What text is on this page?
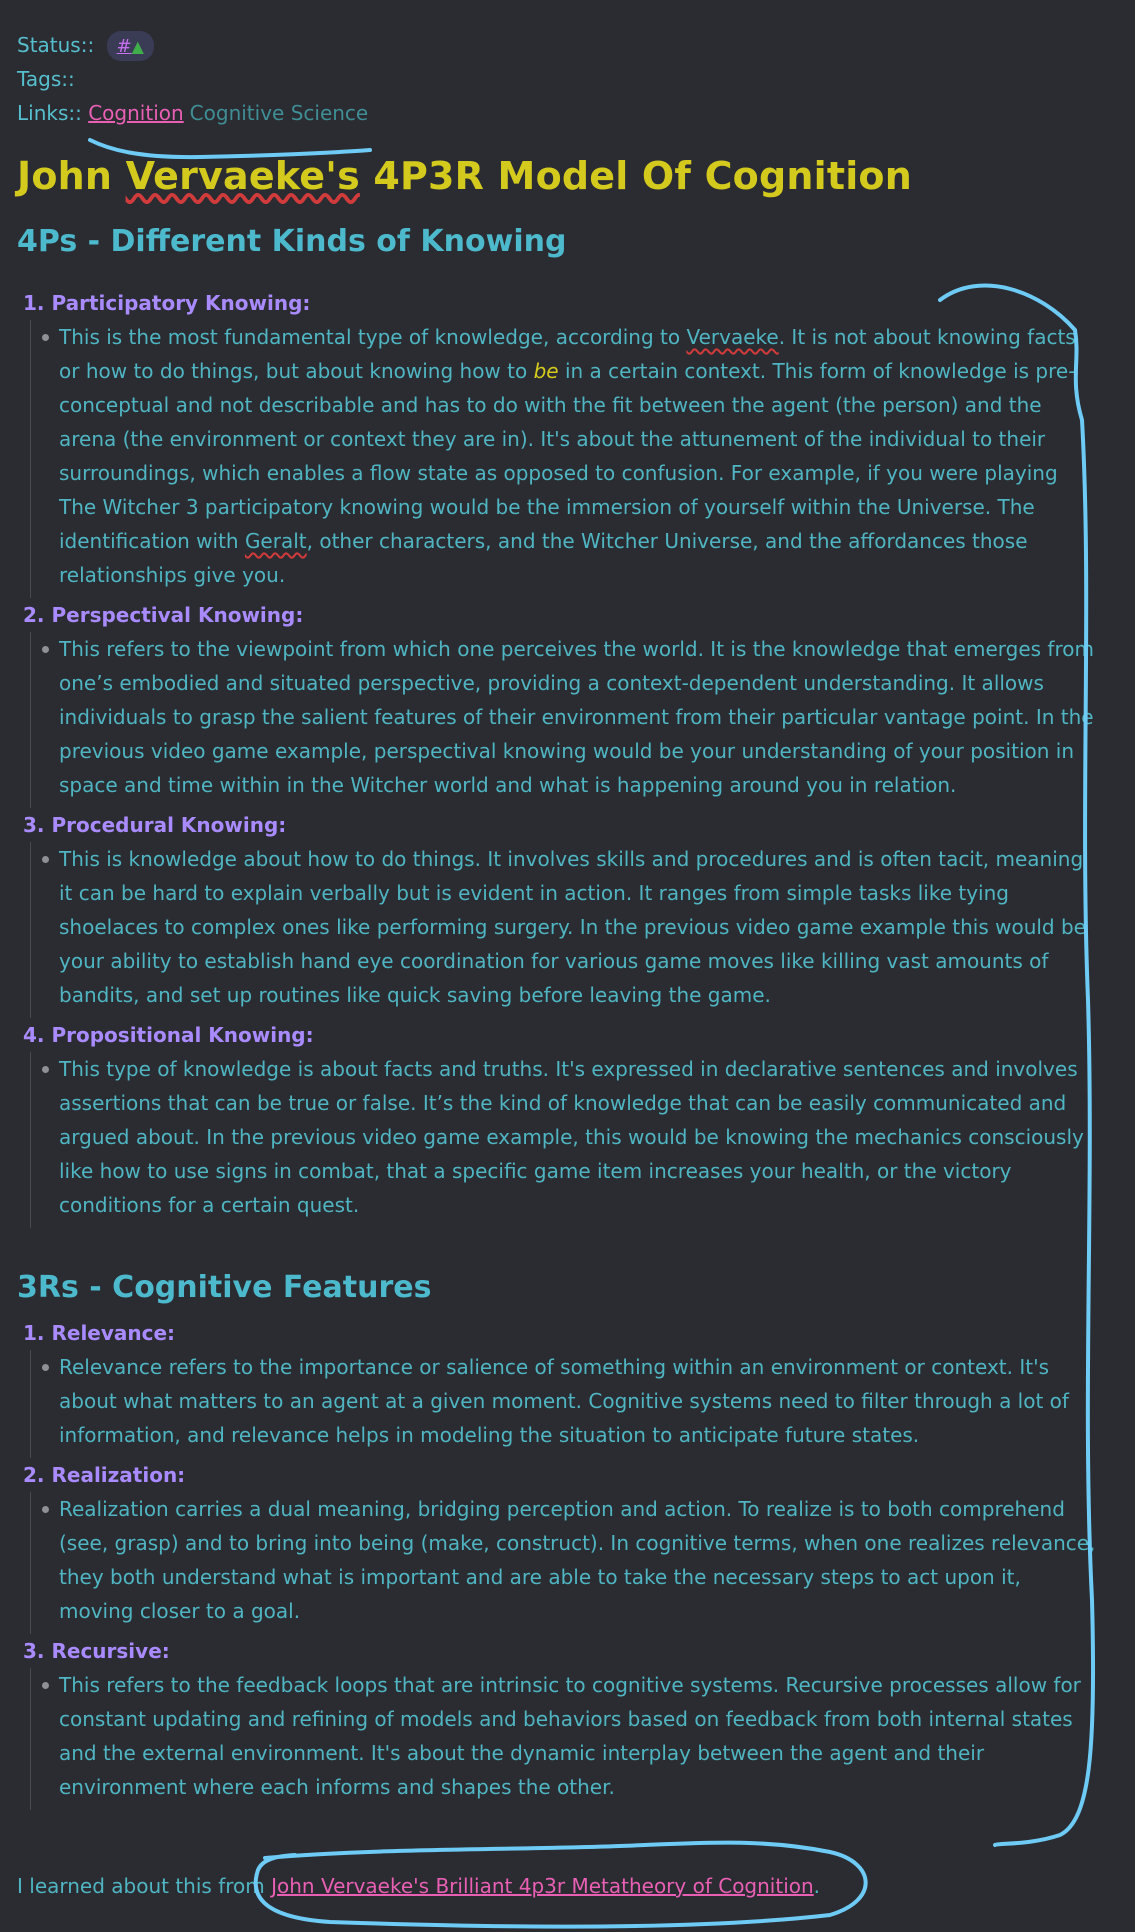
Status:: #▲
Tags::
Links:: Cognition Cognitive Science
John Vervaeke's 4P3R Model Of Cognition
4Ps - Different Kinds of Knowing
1. Participatory Knowing:

This is the most fundamental type of knowledge, according to Vervaeke. It is not about knowing facts or how to do things, but about knowing how to be in a certain context. This form of knowledge is pre-conceptual and not describable and has to do with the fit between the agent (the person) and the arena (the environment or context they are in). It's about the attunement of the individual to their surroundings, which enables a flow state as opposed to confusion. For example, if you were playing The Witcher 3 participatory knowing would be the immersion of yourself within the Universe. The identification with Geralt, other characters, and the Witcher Universe, and the affordances those relationships give you.

2. Perspectival Knowing:

This refers to the viewpoint from which one perceives the world. It is the knowledge that emerges from one’s embodied and situated perspective, providing a context-dependent understanding. It allows individuals to grasp the salient features of their environment from their particular vantage point. In the previous video game example, perspectival knowing would be your understanding of your position in space and time within in the Witcher world and what is happening around you in relation.

3. Procedural Knowing:

This is knowledge about how to do things. It involves skills and procedures and is often tacit, meaning it can be hard to explain verbally but is evident in action. It ranges from simple tasks like tying shoelaces to complex ones like performing surgery. In the previous video game example this would be your ability to establish hand eye coordination for various game moves like killing vast amounts of bandits, and set up routines like quick saving before leaving the game.

4. Propositional Knowing:

This type of knowledge is about facts and truths. It's expressed in declarative sentences and involves assertions that can be true or false. It’s the kind of knowledge that can be easily communicated and argued about. In the previous video game example, this would be knowing the mechanics consciously like how to use signs in combat, that a specific game item increases your health, or the victory conditions for a certain quest.

3Rs - Cognitive Features
1. Relevance:

Relevance refers to the importance or salience of something within an environment or context. It's about what matters to an agent at a given moment. Cognitive systems need to filter through a lot of information, and relevance helps in modeling the situation to anticipate future states.

2. Realization:

Realization carries a dual meaning, bridging perception and action. To realize is to both comprehend (see, grasp) and to bring into being (make, construct). In cognitive terms, when one realizes relevance, they both understand what is important and are able to take the necessary steps to act upon it, moving closer to a goal.

3. Recursive:

This refers to the feedback loops that are intrinsic to cognitive systems. Recursive processes allow for constant updating and refining of models and behaviors based on feedback from both internal states and the external environment. It's about the dynamic interplay between the agent and their environment where each informs and shapes the other.

I learned about this from John Vervaeke's Brilliant 4p3r Metatheory of Cognition.
